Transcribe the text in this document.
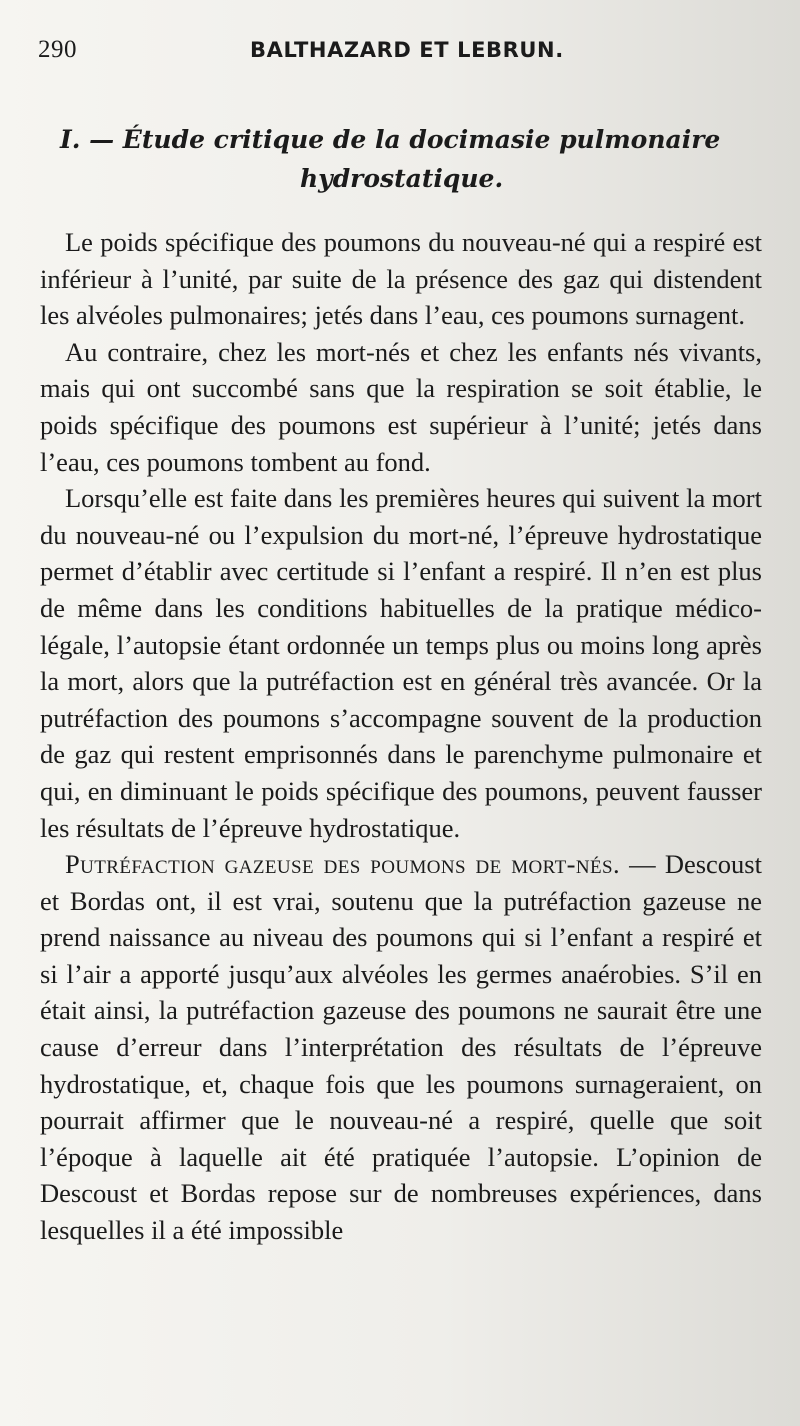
290	BALTHAZARD ET LEBRUN.
I. — Étude critique de la docimasie pulmonaire
hydrostatique.

Le poids spécifique des poumons du nouveau-né qui a respiré est inférieur à l’unité, par suite de la présence des gaz qui distendent les alvéoles pulmonaires; jetés dans l’eau, ces poumons surnagent.

Au contraire, chez les mort-nés et chez les enfants nés vivants, mais qui ont succombé sans que la respiration se soit établie, le poids spécifique des poumons est supérieur à l’unité; jetés dans l’eau, ces poumons tombent au fond.

Lorsqu’elle est faite dans les premières heures qui suivent la mort du nouveau-né ou l’expulsion du mort-né, l’épreuve hydrostatique permet d’établir avec certitude si l’enfant a respiré. Il n’en est plus de même dans les conditions habituelles de la pratique médico-légale, l’autopsie étant ordonnée un temps plus ou moins long après la mort, alors que la putréfaction est en général très avancée. Or la putréfaction des poumons s’accompagne souvent de la production de gaz qui restent emprisonnés dans le parenchyme pulmonaire et qui, en diminuant le poids spécifique des poumons, peuvent fausser les résultats de l’épreuve hydrostatique.

Putréfaction gazeuse des poumons de mort-nés. — Descoust et Bordas ont, il est vrai, soutenu que la putréfaction gazeuse ne prend naissance au niveau des poumons qui si l’enfant a respiré et si l’air a apporté jusqu’aux alvéoles les germes anaérobies. S’il en était ainsi, la putréfaction gazeuse des poumons ne saurait être une cause d’erreur dans l’interprétation des résultats de l’épreuve hydrostatique, et, chaque fois que les poumons surnageraient, on pourrait affirmer que le nouveau-né a respiré, quelle que soit l’époque à laquelle ait été pratiquée l’autopsie. L’opinion de Descoust et Bordas repose sur de nombreuses expériences, dans lesquelles il a été impossible
